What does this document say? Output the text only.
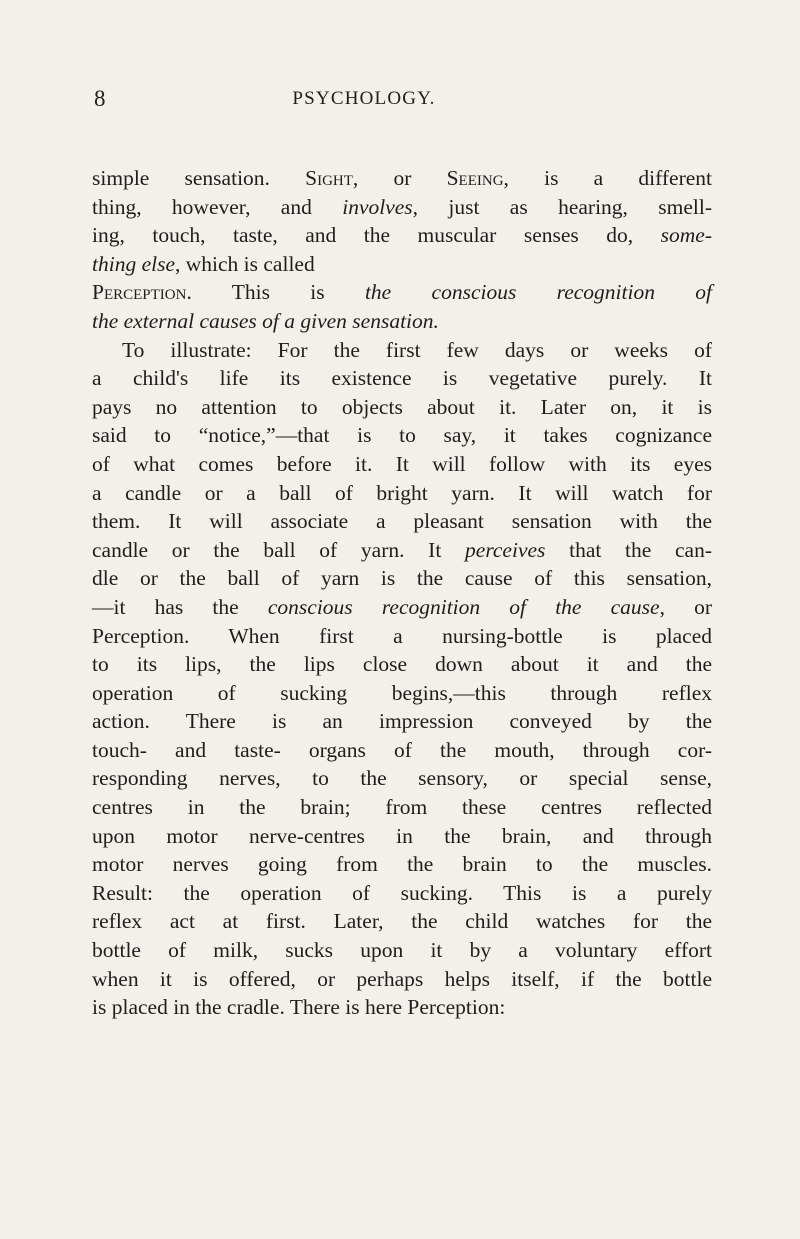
8	PSYCHOLOGY.
simple sensation. Sight, or Seeing, is a different
thing, however, and involves, just as hearing, smell-
ing, touch, taste, and the muscular senses do, some-
thing else, which is called
Perception. This is the conscious recognition of
the external causes of a given sensation.
To illustrate: For the first few days or weeks of
a child's life its existence is vegetative purely. It
pays no attention to objects about it. Later on, it is
said to “notice,”—that is to say, it takes cognizance
of what comes before it. It will follow with its eyes
a candle or a ball of bright yarn. It will watch for
them. It will associate a pleasant sensation with the
candle or the ball of yarn. It perceives that the can-
dle or the ball of yarn is the cause of this sensation,
—it has the conscious recognition of the cause, or
Perception. When first a nursing-bottle is placed
to its lips, the lips close down about it and the
operation of sucking begins,—this through reflex
action. There is an impression conveyed by the
touch- and taste- organs of the mouth, through cor-
responding nerves, to the sensory, or special sense,
centres in the brain; from these centres reflected
upon motor nerve-centres in the brain, and through
motor nerves going from the brain to the muscles.
Result: the operation of sucking. This is a purely
reflex act at first. Later, the child watches for the
bottle of milk, sucks upon it by a voluntary effort
when it is offered, or perhaps helps itself, if the bottle
is placed in the cradle. There is here Perception:
